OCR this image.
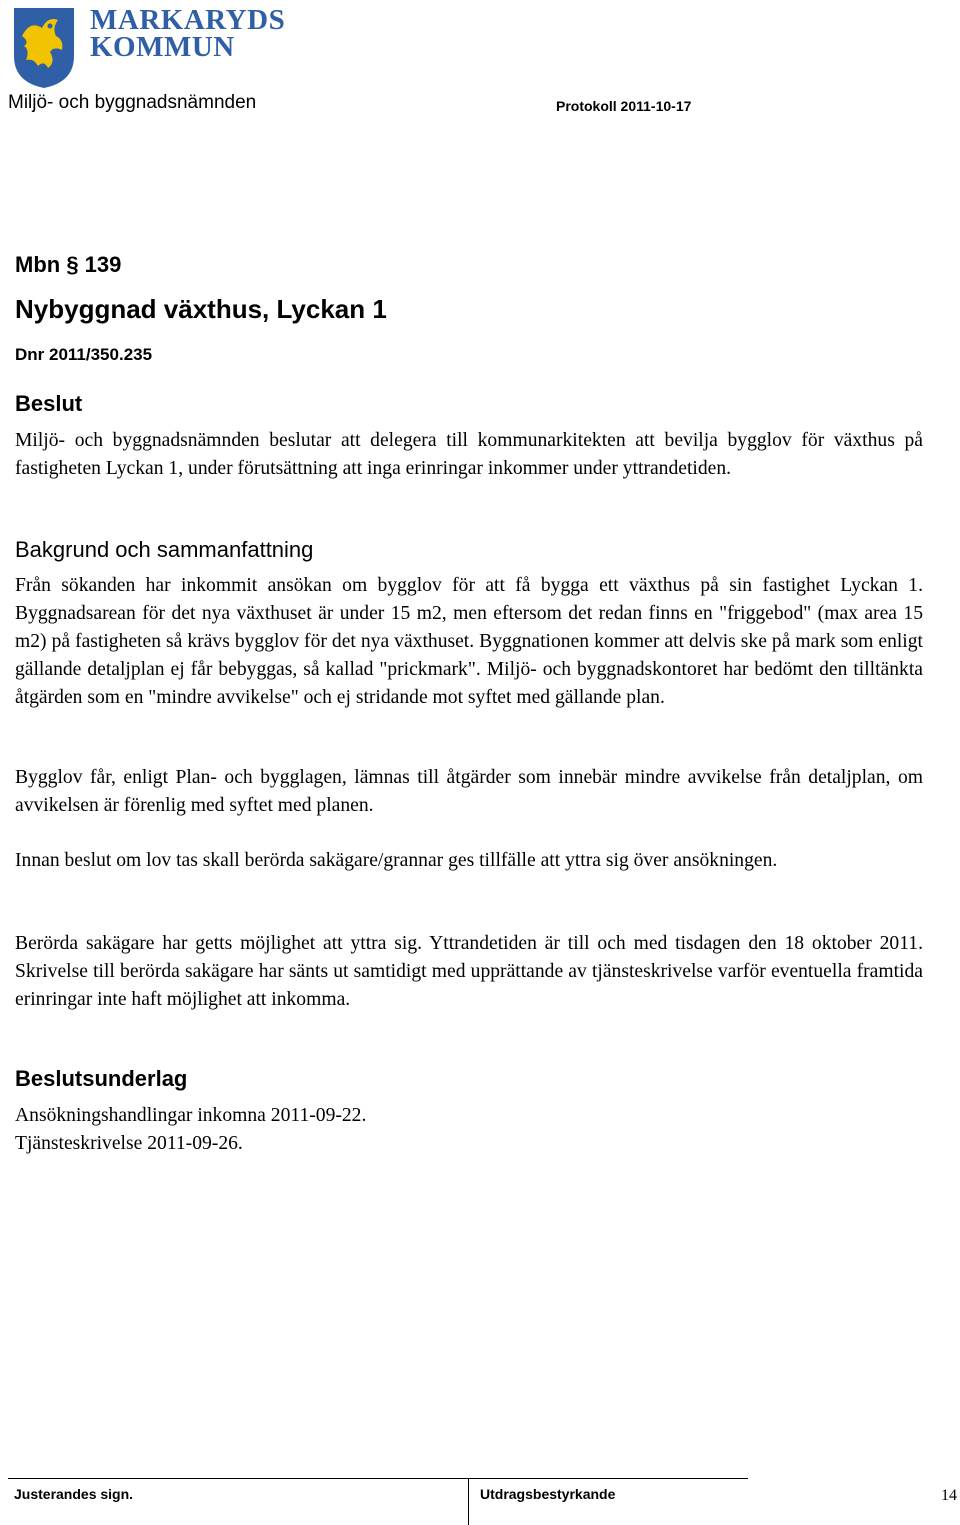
MARKARYDS
KOMMUN
Miljö- och byggnadsnämnden	Protokoll 2011-10-17
Mbn § 139
Nybyggnad växthus, Lyckan 1
Dnr 2011/350.235
Beslut
Miljö- och byggnadsnämnden beslutar att delegera till kommunarkitekten att bevilja bygglov för växthus på fastigheten Lyckan 1, under förutsättning att inga erinringar inkommer under yttrandetiden.
Bakgrund och sammanfattning
Från sökanden har inkommit ansökan om bygglov för att få bygga ett växthus på sin fastighet Lyckan 1. Byggnadsarean för det nya växthuset är under 15 m2, men eftersom det redan finns en "friggebod" (max area 15 m2) på fastigheten så krävs bygglov för det nya växthuset. Byggnationen kommer att delvis ske på mark som enligt gällande detaljplan ej får bebyggas, så kallad "prickmark". Miljö- och byggnadskontoret har bedömt den tilltänkta åtgärden som en "mindre avvikelse" och ej stridande mot syftet med gällande plan.
Bygglov får, enligt Plan- och bygglagen, lämnas till åtgärder som innebär mindre avvikelse från detaljplan, om avvikelsen är förenlig med syftet med planen.
Innan beslut om lov tas skall berörda sakägare/grannar ges tillfälle att yttra sig över ansökningen.
Berörda sakägare har getts möjlighet att yttra sig. Yttrandetiden är till och med tisdagen den 18 oktober 2011. Skrivelse till berörda sakägare har sänts ut samtidigt med upprättande av tjänsteskrivelse varför eventuella framtida erinringar inte haft möjlighet att inkomma.
Beslutsunderlag
Ansökningshandlingar inkomna 2011-09-22.
Tjänsteskrivelse 2011-09-26.
Justerandes sign.	Utdragsbestyrkande	14
